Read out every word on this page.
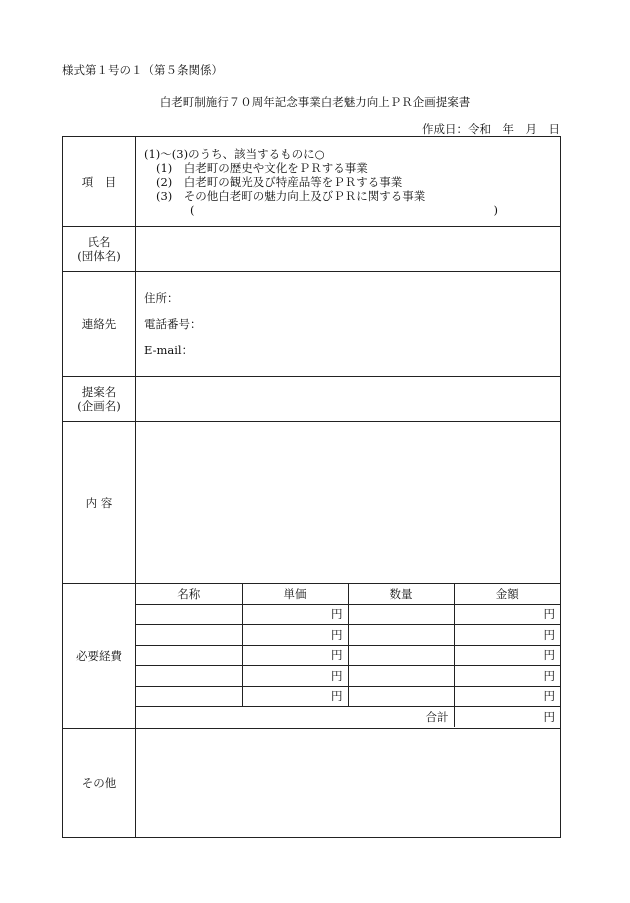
様式第１号の１（第５条関係）
白老町制施行７０周年記念事業白老魅力向上ＰＲ企画提案書
作成日：令和　年　月　日
項　目	
(1)～(3)のうち、該当するものに○
(1)　白老町の歴史や文化をＰＲする事業
(2)　白老町の観光及び特産品等をＰＲする事業
(3)　その他白老町の魅力向上及びＰＲに関する事業
(　　　　　　　　　　　　　　　　　　　　　　　　　　)

氏名
(団体名)

連絡先	
住所：
電話番号：
E-mail：

提案名
(企画名)

内 容	
必要経費	
名称	単価	数量	金額
	円		円
	円		円
	円		円
	円		円
	円		円
合計	円

その他	
